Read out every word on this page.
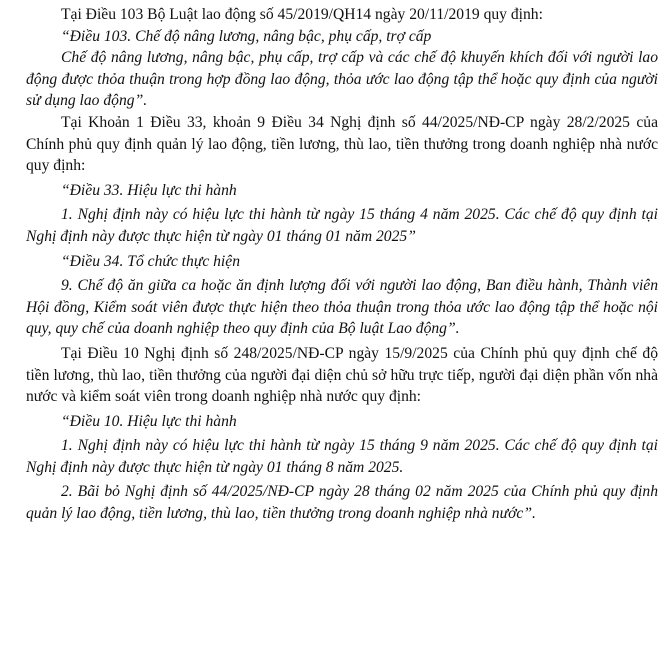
Tại Điều 103 Bộ Luật lao động số 45/2019/QH14 ngày 20/11/2019 quy định:

“Điều 103. Chế độ nâng lương, nâng bậc, phụ cấp, trợ cấp

Chế độ nâng lương, nâng bậc, phụ cấp, trợ cấp và các chế độ khuyến khích đối với người lao động được thỏa thuận trong hợp đồng lao động, thỏa ước lao động tập thể hoặc quy định của người sử dụng lao động”.

Tại Khoản 1 Điều 33, khoản 9 Điều 34 Nghị định số 44/2025/NĐ-CP ngày 28/2/2025 của Chính phủ quy định quản lý lao động, tiền lương, thù lao, tiền thưởng trong doanh nghiệp nhà nước quy định:

“Điều 33. Hiệu lực thi hành

1. Nghị định này có hiệu lực thi hành từ ngày 15 tháng 4 năm 2025. Các chế độ quy định tại Nghị định này được thực hiện từ ngày 01 tháng 01 năm 2025”

“Điều 34. Tổ chức thực hiện

9. Chế độ ăn giữa ca hoặc ăn định lượng đối với người lao động, Ban điều hành, Thành viên Hội đồng, Kiểm soát viên được thực hiện theo thỏa thuận trong thỏa ước lao động tập thể hoặc nội quy, quy chế của doanh nghiệp theo quy định của Bộ luật Lao động”.

Tại Điều 10 Nghị định số 248/2025/NĐ-CP ngày 15/9/2025 của Chính phủ quy định chế độ tiền lương, thù lao, tiền thưởng của người đại diện chủ sở hữu trực tiếp, người đại diện phần vốn nhà nước và kiểm soát viên trong doanh nghiệp nhà nước quy định:

“Điều 10. Hiệu lực thi hành

1. Nghị định này có hiệu lực thi hành từ ngày 15 tháng 9 năm 2025. Các chế độ quy định tại Nghị định này được thực hiện từ ngày 01 tháng 8 năm 2025.

2. Bãi bỏ Nghị định số 44/2025/NĐ-CP ngày 28 tháng 02 năm 2025 của Chính phủ quy định quản lý lao động, tiền lương, thù lao, tiền thưởng trong doanh nghiệp nhà nước”.
